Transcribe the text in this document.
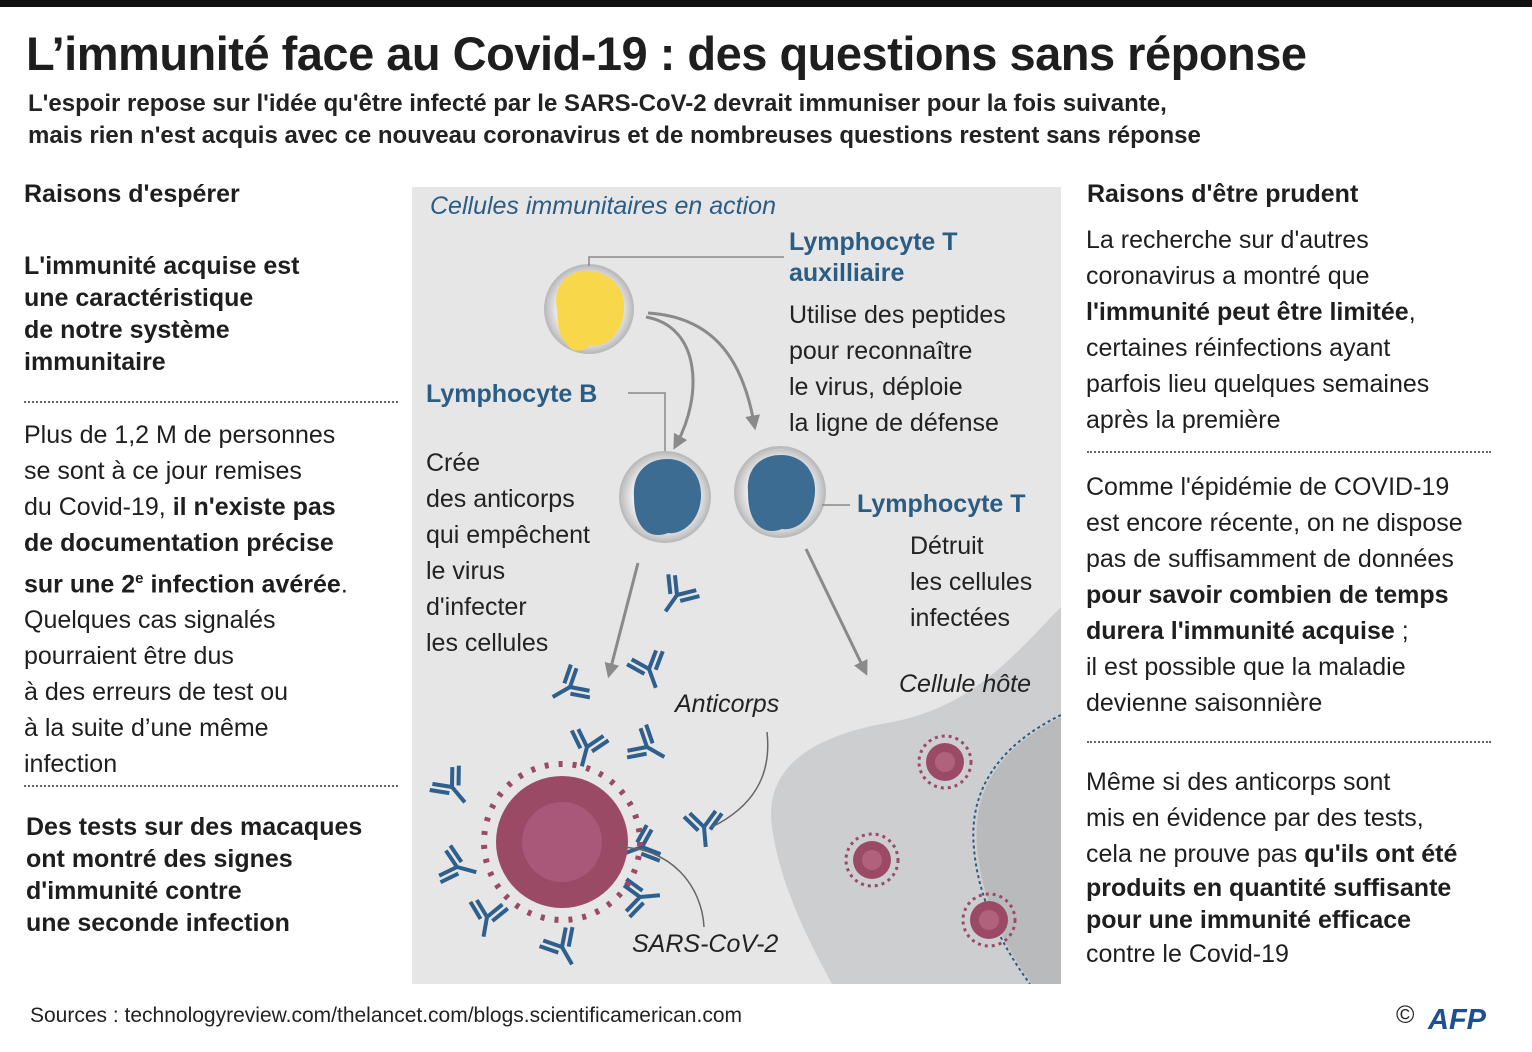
L’immunité face au Covid-19 : des questions sans réponse
L'espoir repose sur l'idée qu'être infecté par le SARS-CoV-2 devrait immuniser pour la fois suivante,
mais rien n'est acquis avec ce nouveau coronavirus et de nombreuses questions restent sans réponse
Raisons d'espérer
L'immunité acquise est
une caractéristique
de notre système
immunitaire
Plus de 1,2 M de personnes
se sont à ce jour remises
du Covid-19, il n'existe pas
de documentation précise
sur une 2e infection avérée.
Quelques cas signalés
pourraient être dus
à des erreurs de test ou
à la suite d’une même
infection
Des tests sur des macaques
ont montré des signes
d'immunité contre
une seconde infection
Cellules immunitaires en action
Lymphocyte T
auxilliaire
Utilise des peptides
pour reconnaître
le virus, déploie
la ligne de défense
Lymphocyte B
Crée
des anticorps
qui empêchent
le virus
d'infecter
les cellules
Lymphocyte T
Détruit
les cellules
infectées
Anticorps
SARS-CoV-2
Cellule hôte
Raisons d'être prudent
La recherche sur d'autres
coronavirus a montré que
l'immunité peut être limitée,
certaines réinfections ayant
parfois lieu quelques semaines
après la première
Comme l'épidémie de COVID-19
est encore récente, on ne dispose
pas de suffisamment de données
pour savoir combien de temps
durera l'immunité acquise ;
il est possible que la maladie
devienne saisonnière
Même si des anticorps sont
mis en évidence par des tests,
cela ne prouve pas qu'ils ont été
produits en quantité suffisante
pour une immunité efficace
contre le Covid-19
Sources : technologyreview.com/thelancet.com/blogs.scientificamerican.com	© AFP
